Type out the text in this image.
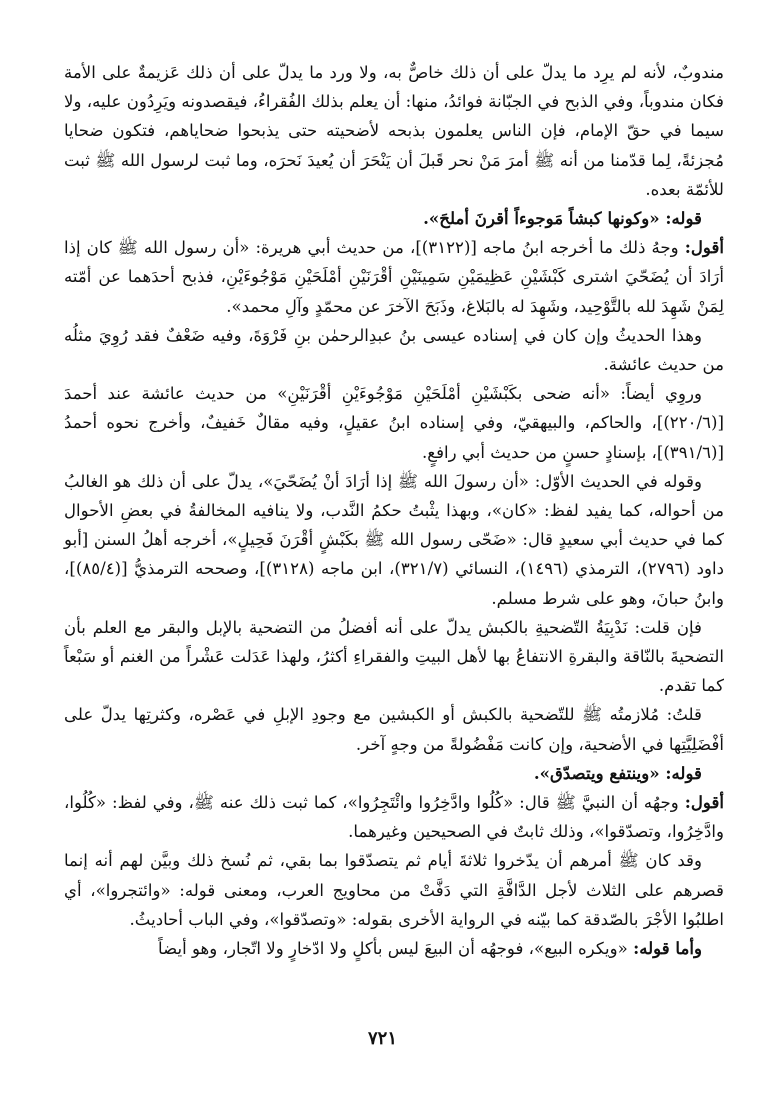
مندوبٌ، لأنه لم يرِد ما يدلّ على أن ذلك خاصٌّ به، ولا ورد ما يدلّ على أن ذلك عَزيمةٌ على الأمة فكان مندوباً، وفي الذبح في الجبّانة فوائدُ، منها: أن يعلم بذلك الفُقراءُ، فيقصدونه ويَرِدُون عليه، ولا سيما في حقّ الإمام، فإن الناس يعلمون بذبحه لأضحيته حتى يذبحوا ضحاياهم، فتكون ضحايا مُجزئةً، لِما قدّمنا من أنه ﷺ أمرَ مَنْ نحر قَبلَ أن يَنْحَرَ أن يُعيدَ نَحرَه، وما ثبت لرسول الله ﷺ ثبت للأئمّة بعده.

قوله: «وكونها كبشاً مَوجوءاً أقرنَ أملحَ».

أقول: وجهُ ذلك ما أخرجه ابنُ ماجه [(٣١٢٢)]، من حديث أبي هريرة: «أن رسول الله ﷺ كان إذا أرَادَ أن يُضَحّيَ اشترى كَبْشَيْنِ عَظِيمَيْنِ سَمِينَيْنِ أقْرَنَيْنِ أمْلَحَيْنِ مَوْجُوءَيْنِ، فذبح أحدَهما عن أمّته لِمَنْ شَهِدَ لله بالتَّوْحِيد، وشَهِدَ له بالبَلاغ، وذَبَحَ الآخرَ عن محمّدٍ وآلِ محمد».

وهذا الحديثُ وإن كان في إسناده عيسى بنُ عبدِالرحمٰن بنِ فَرْوَةَ، وفيه ضَعْفٌ فقد رُوِيَ مثلُه من حديث عائشة.

وروِي أيضاً: «أنه ضحى بكَبْشَيْنِ أمْلَحَيْنِ مَوْجُوءَيْنِ أقْرَنَيْنِ» من حديث عائشة عند أحمدَ [(٢٢٠/٦)]، والحاكم، والبيهقيّ، وفي إسناده ابنُ عقيلٍ، وفيه مقالٌ خَفيفٌ، وأخرج نحوه أحمدُ [(٣٩١/٦)]، بإسنادٍ حسنٍ من حديث أبي رافعٍ.

وقوله في الحديث الأوّل: «أن رسولَ الله ﷺ إذا أرَادَ أنْ يُضَحّيَ»، يدلّ على أن ذلك هو الغالبُ من أحواله، كما يفيد لفظ: «كان»، وبهذا يثْبتُ حكمُ النَّدب، ولا ينافيه المخالفةُ في بعضِ الأحوال كما في حديث أبي سعيدٍ قال: «ضَحّى رسول الله ﷺ بكَبْشٍ أقْرَنَ فَحِيلٍ»، أخرجه أهلُ السنن [أبو داود (٢٧٩٦)، الترمذي (١٤٩٦)، النسائي (٣٢١/٧)، ابن ماجه (٣١٢٨)]، وصححه الترمذيُّ [(٨٥/٤)]، وابنُ حبانَ، وهو على شرط مسلم.

فإن قلت: نَدْبِيَةُ التّضحيةِ بالكبش يدلّ على أنه أفضلُ من التضحية بالإبل والبقر مع العلم بأن التضحيةَ بالنّاقة والبقرةِ الانتفاعُ بها لأهل البيتِ والفقراءِ أكثرُ، ولهذا عَدَلت عَشْراً من الغنم أو سَبْعاً كما تقدم.

قلتُ: مُلازمتُه ﷺ للتّضحية بالكبش أو الكبشين مع وجودِ الإبلِ في عَصْره، وكثرتِها يدلّ على أفْضَلِيَّتِها في الأضحية، وإن كانت مَفْضُولةً من وجهٍ آخر.

قوله: «وينتفع ويتصدّق».

أقول: وجهُه أن النبيَّ ﷺ قال: «كُلُوا وادَّخِرُوا وائْتَجِرُوا»، كما ثبت ذلك عنه ﷺ، وفي لفظ: «كُلُوا، وادَّخِرُوا، وتصدّقوا»، وذلك ثابتٌ في الصحيحين وغيرهما.

وقد كان ﷺ أمرهم أن يدّخروا ثلاثةَ أيام ثم يتصدّقوا بما بقي، ثم نُسخ ذلك وبيَّن لهم أنه إنما قصرهم على الثلاث لأجل الدَّافَّةِ التي دَفَّتْ من محاويج العرب، ومعنى قوله: «وائتجروا»، أي اطلبُوا الأجْرَ بالصّدقة كما بيّنه في الرواية الأخرى بقوله: «وتصدّقوا»، وفي الباب أحاديثُ.

وأما قوله: «ويكره البيع»، فوجهُه أن البيعَ ليس بأكلٍ ولا ادّخارٍ ولا اتّجار، وهو أيضاً

٧٢١
